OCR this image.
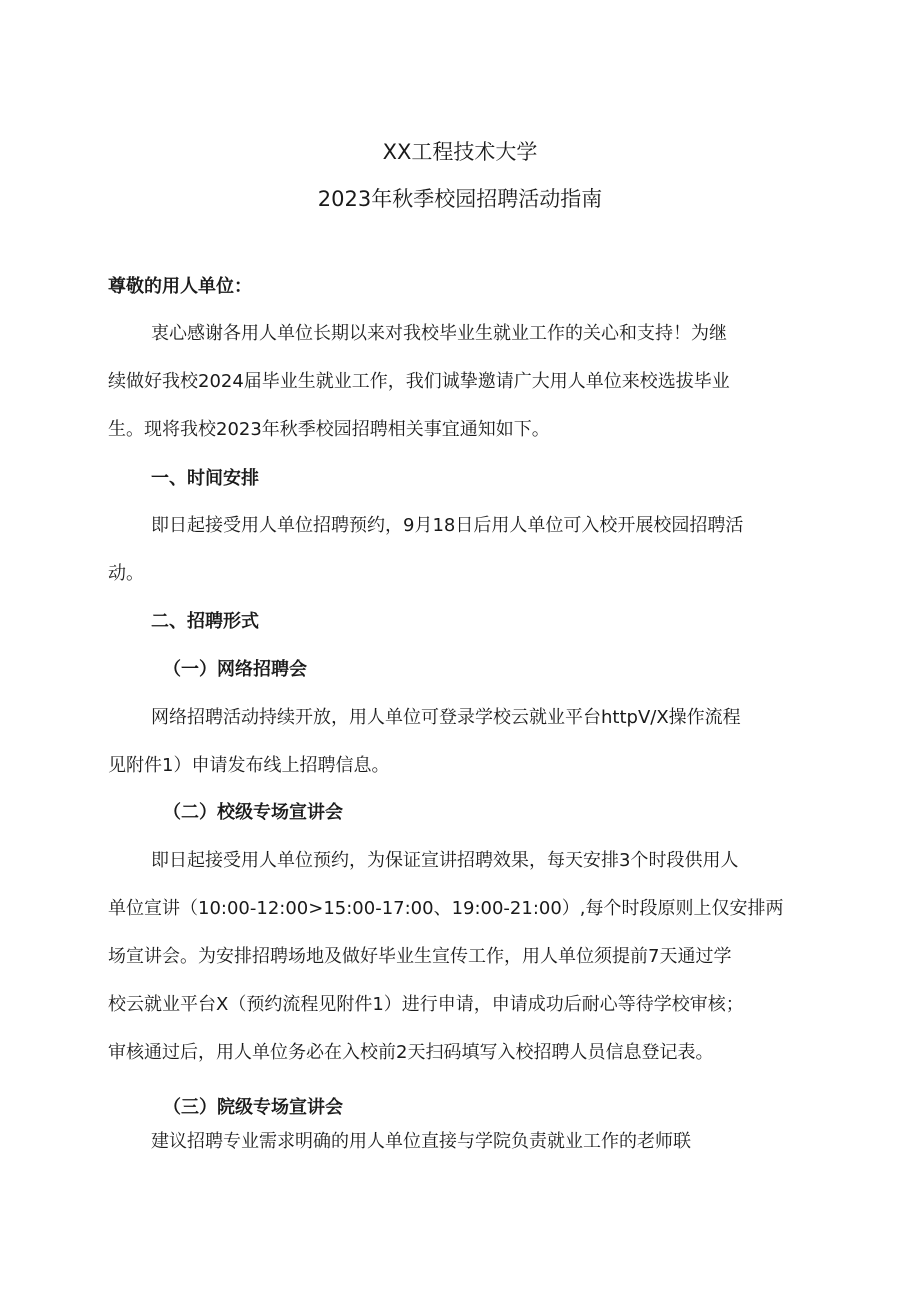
XX工程技术大学
2023年秋季校园招聘活动指南
尊敬的用人单位：
衷心感谢各用人单位长期以来对我校毕业生就业工作的关心和支持！为继
续做好我校2024届毕业生就业工作，我们诚挚邀请广大用人单位来校选拔毕业
生。现将我校2023年秋季校园招聘相关事宜通知如下。
一、时间安排
即日起接受用人单位招聘预约，9月18日后用人单位可入校开展校园招聘活
动。
二、招聘形式
（一）网络招聘会
网络招聘活动持续开放，用人单位可登录学校云就业平台httpV/X操作流程
见附件1）申请发布线上招聘信息。
（二）校级专场宣讲会
即日起接受用人单位预约，为保证宣讲招聘效果，每天安排3个时段供用人
单位宣讲（10:00-12:00>15:00-17:00、19:00-21:00）,每个时段原则上仅安排两
场宣讲会。为安排招聘场地及做好毕业生宣传工作，用人单位须提前7天通过学
校云就业平台X（预约流程见附件1）进行申请，申请成功后耐心等待学校审核；
审核通过后，用人单位务必在入校前2天扫码填写入校招聘人员信息登记表。
（三）院级专场宣讲会
建议招聘专业需求明确的用人单位直接与学院负责就业工作的老师联
